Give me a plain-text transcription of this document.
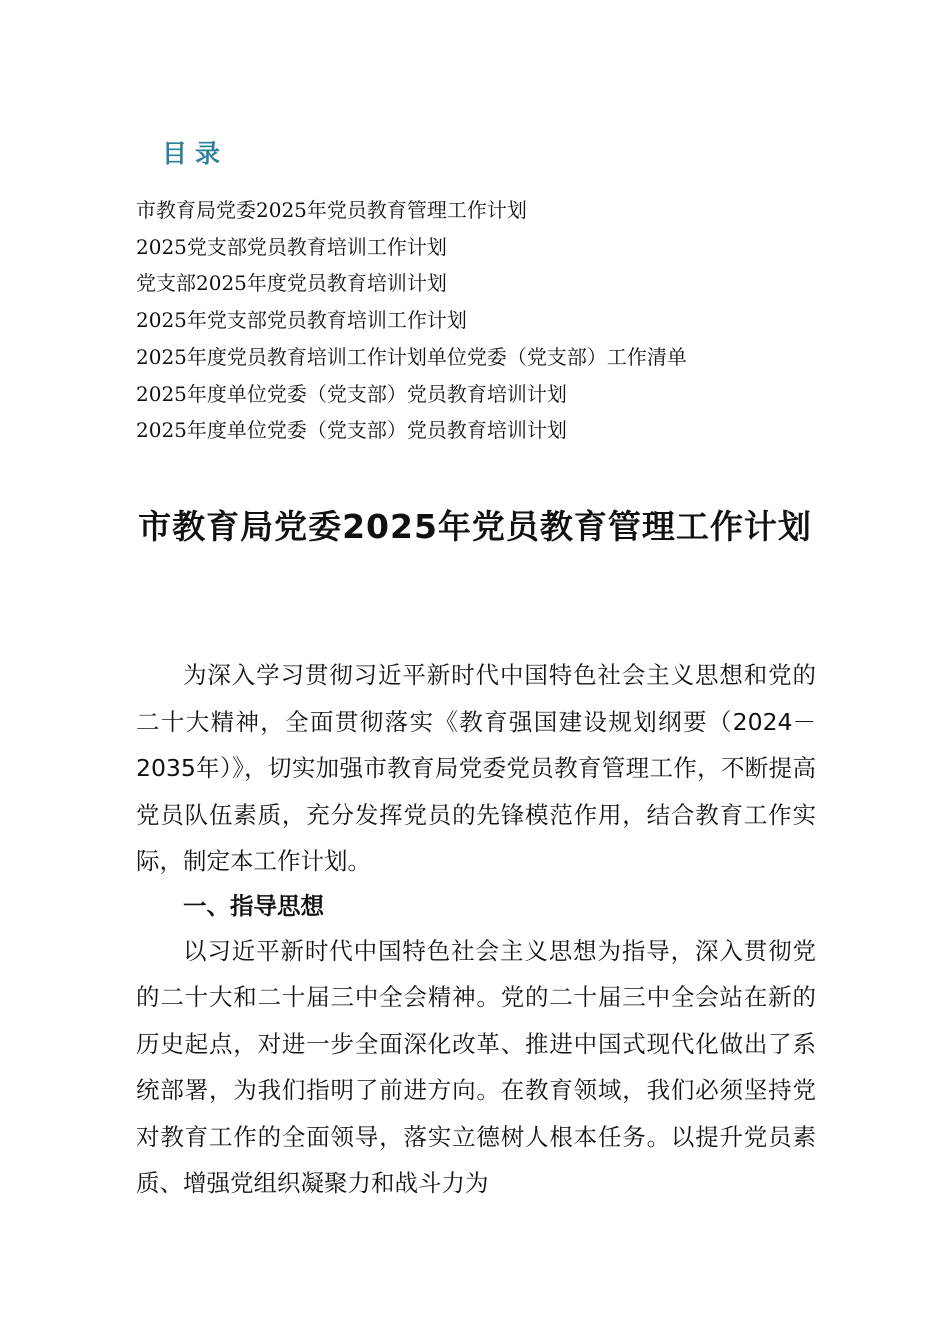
目录
市教育局党委2025年党员教育管理工作计划
2025党支部党员教育培训工作计划
党支部2025年度党员教育培训计划
2025年党支部党员教育培训工作计划
2025年度党员教育培训工作计划单位党委（党支部）工作清单
2025年度单位党委（党支部）党员教育培训计划
2025年度单位党委（党支部）党员教育培训计划
市教育局党委2025年党员教育管理工作计划

为深入学习贯彻习近平新时代中国特色社会主义思想和党的二十大精神，全面贯彻落实《教育强国建设规划纲要（2024－2035年）》，切实加强市教育局党委党员教育管理工作，不断提高党员队伍素质，充分发挥党员的先锋模范作用，结合教育工作实际，制定本工作计划。

一、指导思想

以习近平新时代中国特色社会主义思想为指导，深入贯彻党的二十大和二十届三中全会精神。党的二十届三中全会站在新的历史起点，对进一步全面深化改革、推进中国式现代化做出了系统部署，为我们指明了前进方向。在教育领域，我们必须坚持党对教育工作的全面领导，落实立德树人根本任务。以提升党员素质、增强党组织凝聚力和战斗力为
